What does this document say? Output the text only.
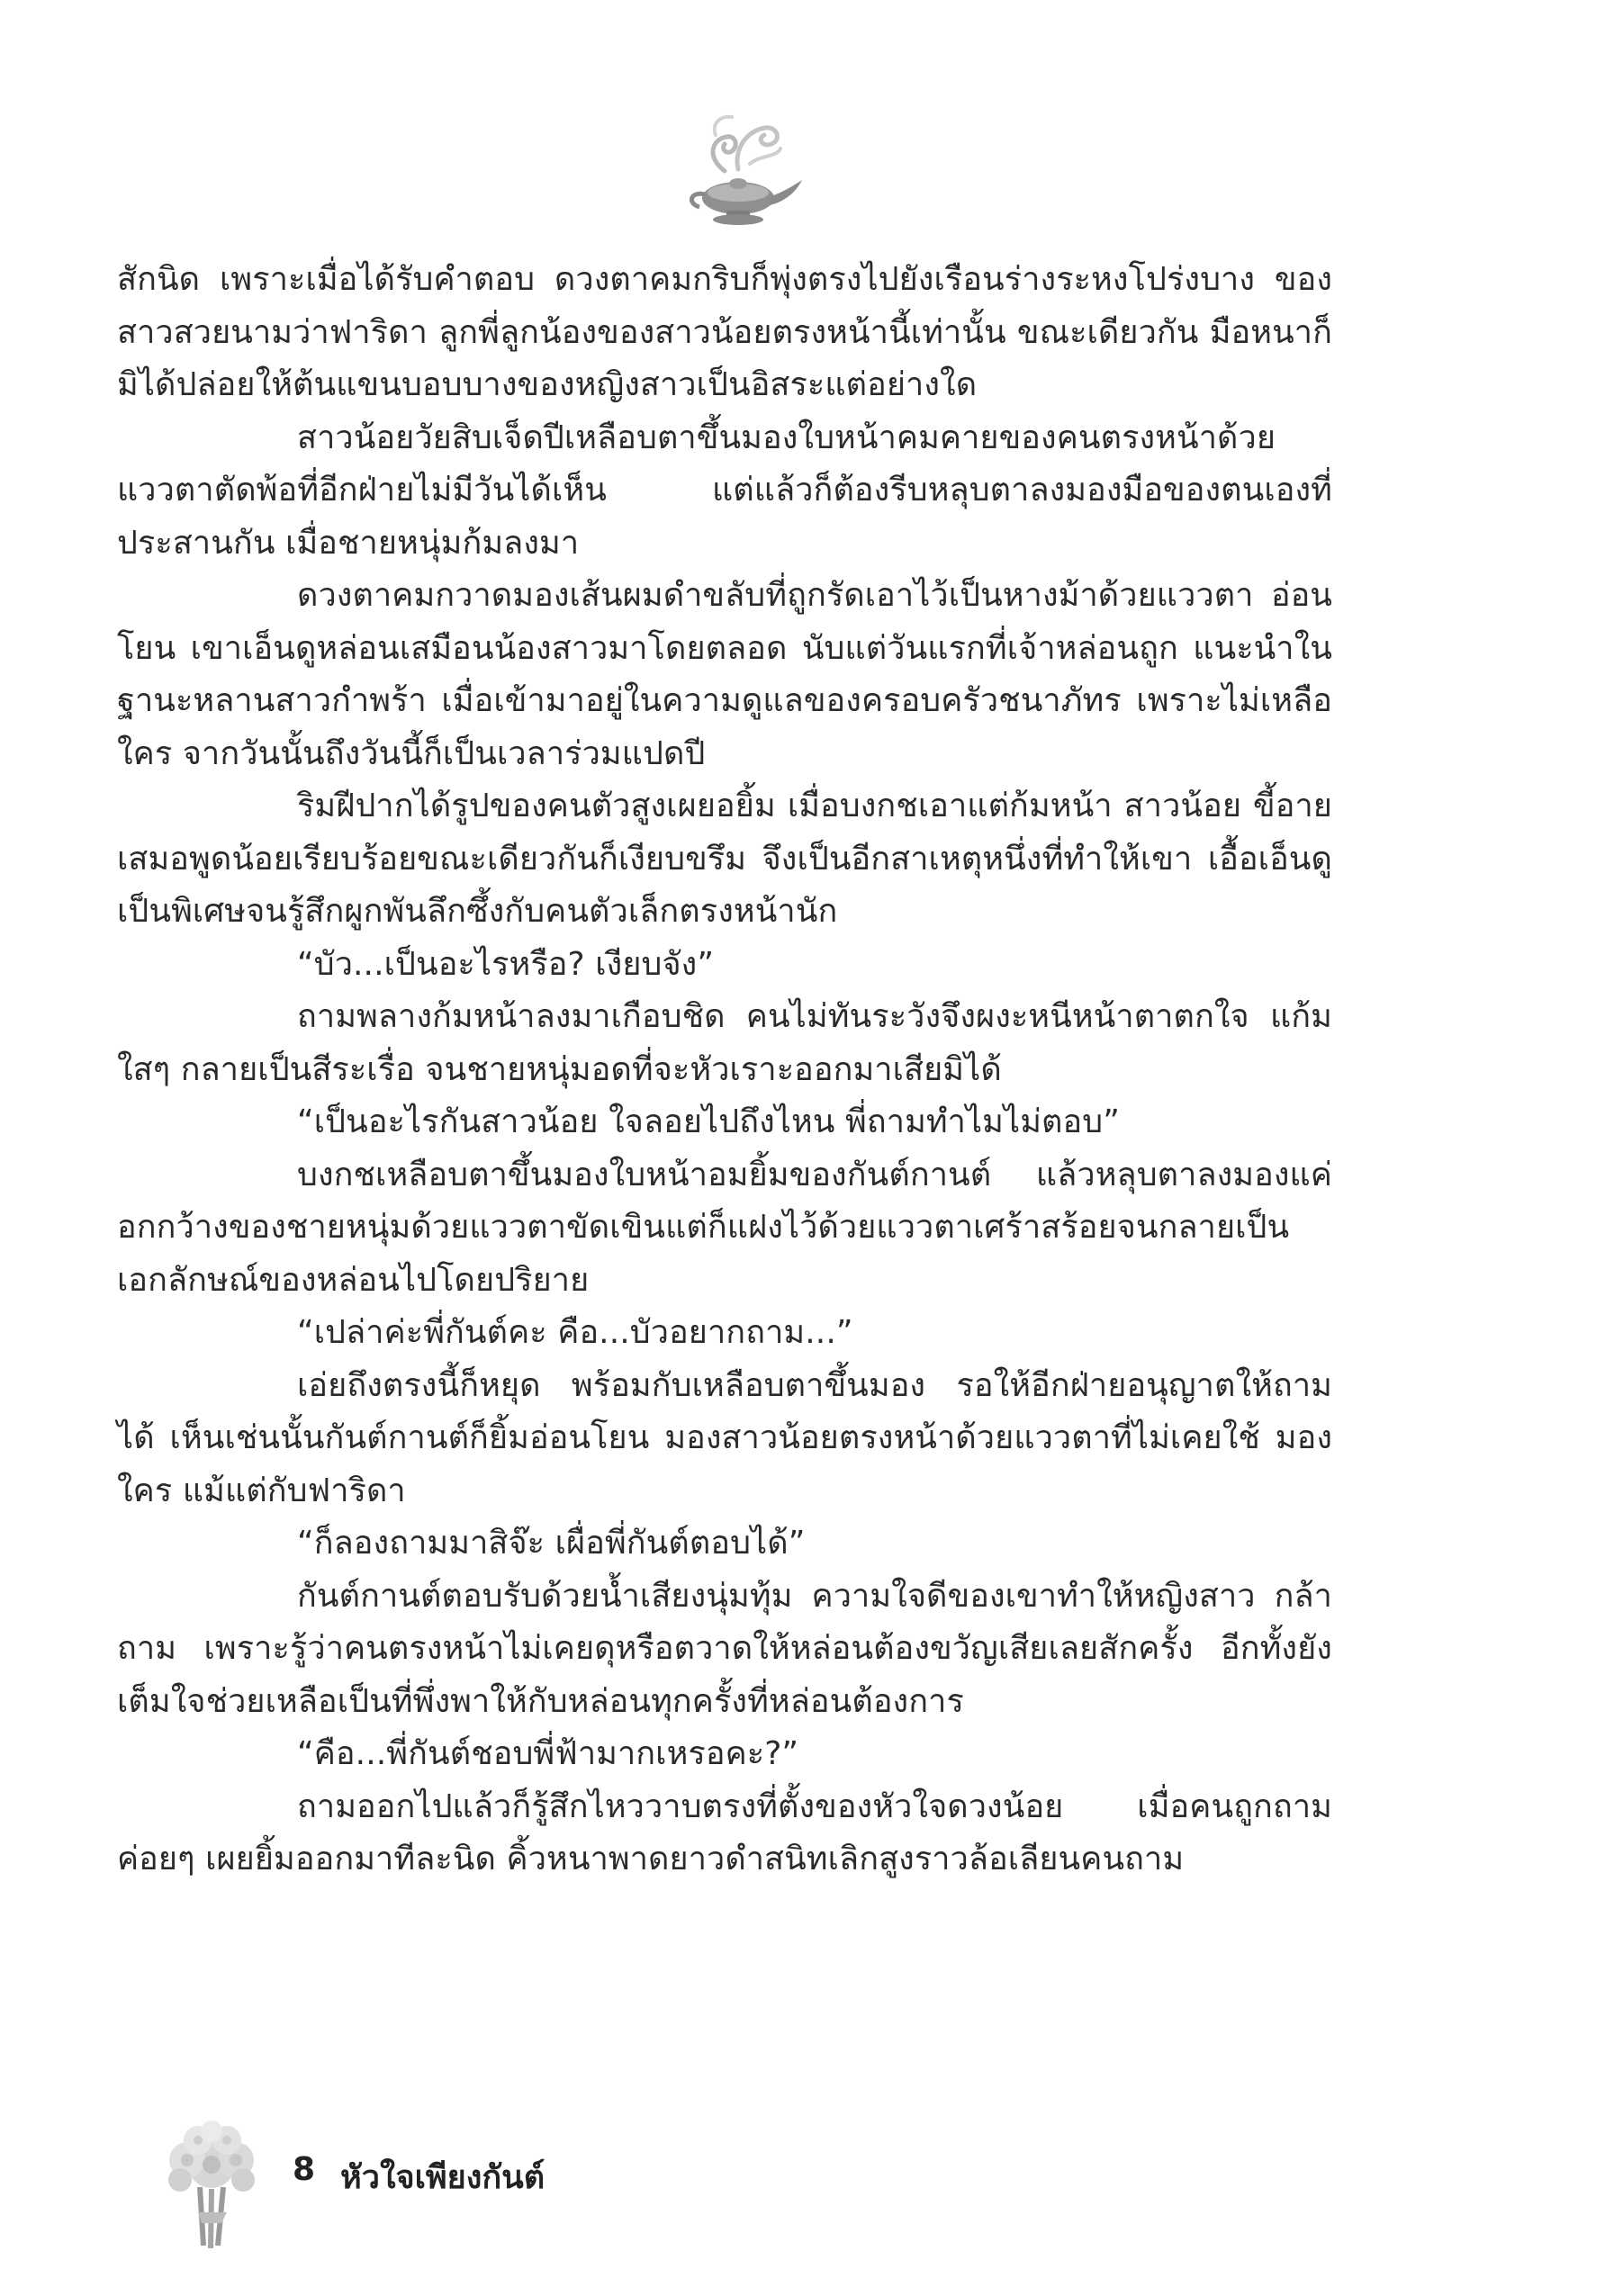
สักนิด เพราะเมื่อได้รับคำตอบ ดวงตาคมกริบก็พุ่งตรงไปยังเรือนร่างระหงโปร่งบาง ของสาวสวยนามว่าฟาริดา ลูกพี่ลูกน้องของสาวน้อยตรงหน้านี้เท่านั้น ขณะเดียวกัน มือหนาก็มิได้ปล่อยให้ต้นแขนบอบบางของหญิงสาวเป็นอิสระแต่อย่างใด

สาวน้อยวัยสิบเจ็ดปีเหลือบตาขึ้นมองใบหน้าคมคายของคนตรงหน้าด้วย แววตาตัดพ้อที่อีกฝ่ายไม่มีวันได้เห็น แต่แล้วก็ต้องรีบหลุบตาลงมองมือของตนเองที่ ประสานกัน เมื่อชายหนุ่มก้มลงมา

ดวงตาคมกวาดมองเส้นผมดำขลับที่ถูกรัดเอาไว้เป็นหางม้าด้วยแววตา อ่อนโยน เขาเอ็นดูหล่อนเสมือนน้องสาวมาโดยตลอด นับแต่วันแรกที่เจ้าหล่อนถูก แนะนำในฐานะหลานสาวกำพร้า เมื่อเข้ามาอยู่ในความดูแลของครอบครัวชนาภัทร เพราะไม่เหลือใคร จากวันนั้นถึงวันนี้ก็เป็นเวลาร่วมแปดปี

ริมฝีปากได้รูปของคนตัวสูงเผยอยิ้ม เมื่อบงกชเอาแต่ก้มหน้า สาวน้อย ขี้อายเสมอพูดน้อยเรียบร้อยขณะเดียวกันก็เงียบขรึม จึงเป็นอีกสาเหตุหนึ่งที่ทำให้เขา เอื้อเอ็นดูเป็นพิเศษจนรู้สึกผูกพันลึกซึ้งกับคนตัวเล็กตรงหน้านัก

“บัว...เป็นอะไรหรือ? เงียบจัง”

ถามพลางก้มหน้าลงมาเกือบชิด คนไม่ทันระวังจึงผงะหนีหน้าตาตกใจ แก้มใสๆ กลายเป็นสีระเรื่อ จนชายหนุ่มอดที่จะหัวเราะออกมาเสียมิได้

“เป็นอะไรกันสาวน้อย ใจลอยไปถึงไหน พี่ถามทำไมไม่ตอบ”

บงกชเหลือบตาขึ้นมองใบหน้าอมยิ้มของกันต์กานต์ แล้วหลุบตาลงมองแค่ อกกว้างของชายหนุ่มด้วยแววตาขัดเขินแต่ก็แฝงไว้ด้วยแววตาเศร้าสร้อยจนกลายเป็น เอกลักษณ์ของหล่อนไปโดยปริยาย

“เปล่าค่ะพี่กันต์คะ คือ...บัวอยากถาม...”

เอ่ยถึงตรงนี้ก็หยุด พร้อมกับเหลือบตาขึ้นมอง รอให้อีกฝ่ายอนุญาตให้ถาม ได้ เห็นเช่นนั้นกันต์กานต์ก็ยิ้มอ่อนโยน มองสาวน้อยตรงหน้าด้วยแววตาที่ไม่เคยใช้ มองใคร แม้แต่กับฟาริดา

“ก็ลองถามมาสิจ๊ะ เผื่อพี่กันต์ตอบได้”

กันต์กานต์ตอบรับด้วยน้ำเสียงนุ่มทุ้ม ความใจดีของเขาทำให้หญิงสาว กล้าถาม เพราะรู้ว่าคนตรงหน้าไม่เคยดุหรือตวาดให้หล่อนต้องขวัญเสียเลยสักครั้ง อีกทั้งยังเต็มใจช่วยเหลือเป็นที่พึ่งพาให้กับหล่อนทุกครั้งที่หล่อนต้องการ

“คือ...พี่กันต์ชอบพี่ฟ้ามากเหรอคะ?”

ถามออกไปแล้วก็รู้สึกไหววาบตรงที่ตั้งของหัวใจดวงน้อย เมื่อคนถูกถาม ค่อยๆ เผยยิ้มออกมาทีละนิด คิ้วหนาพาดยาวดำสนิทเลิกสูงราวล้อเลียนคนถาม

8 หัวใจเพียงกันต์
